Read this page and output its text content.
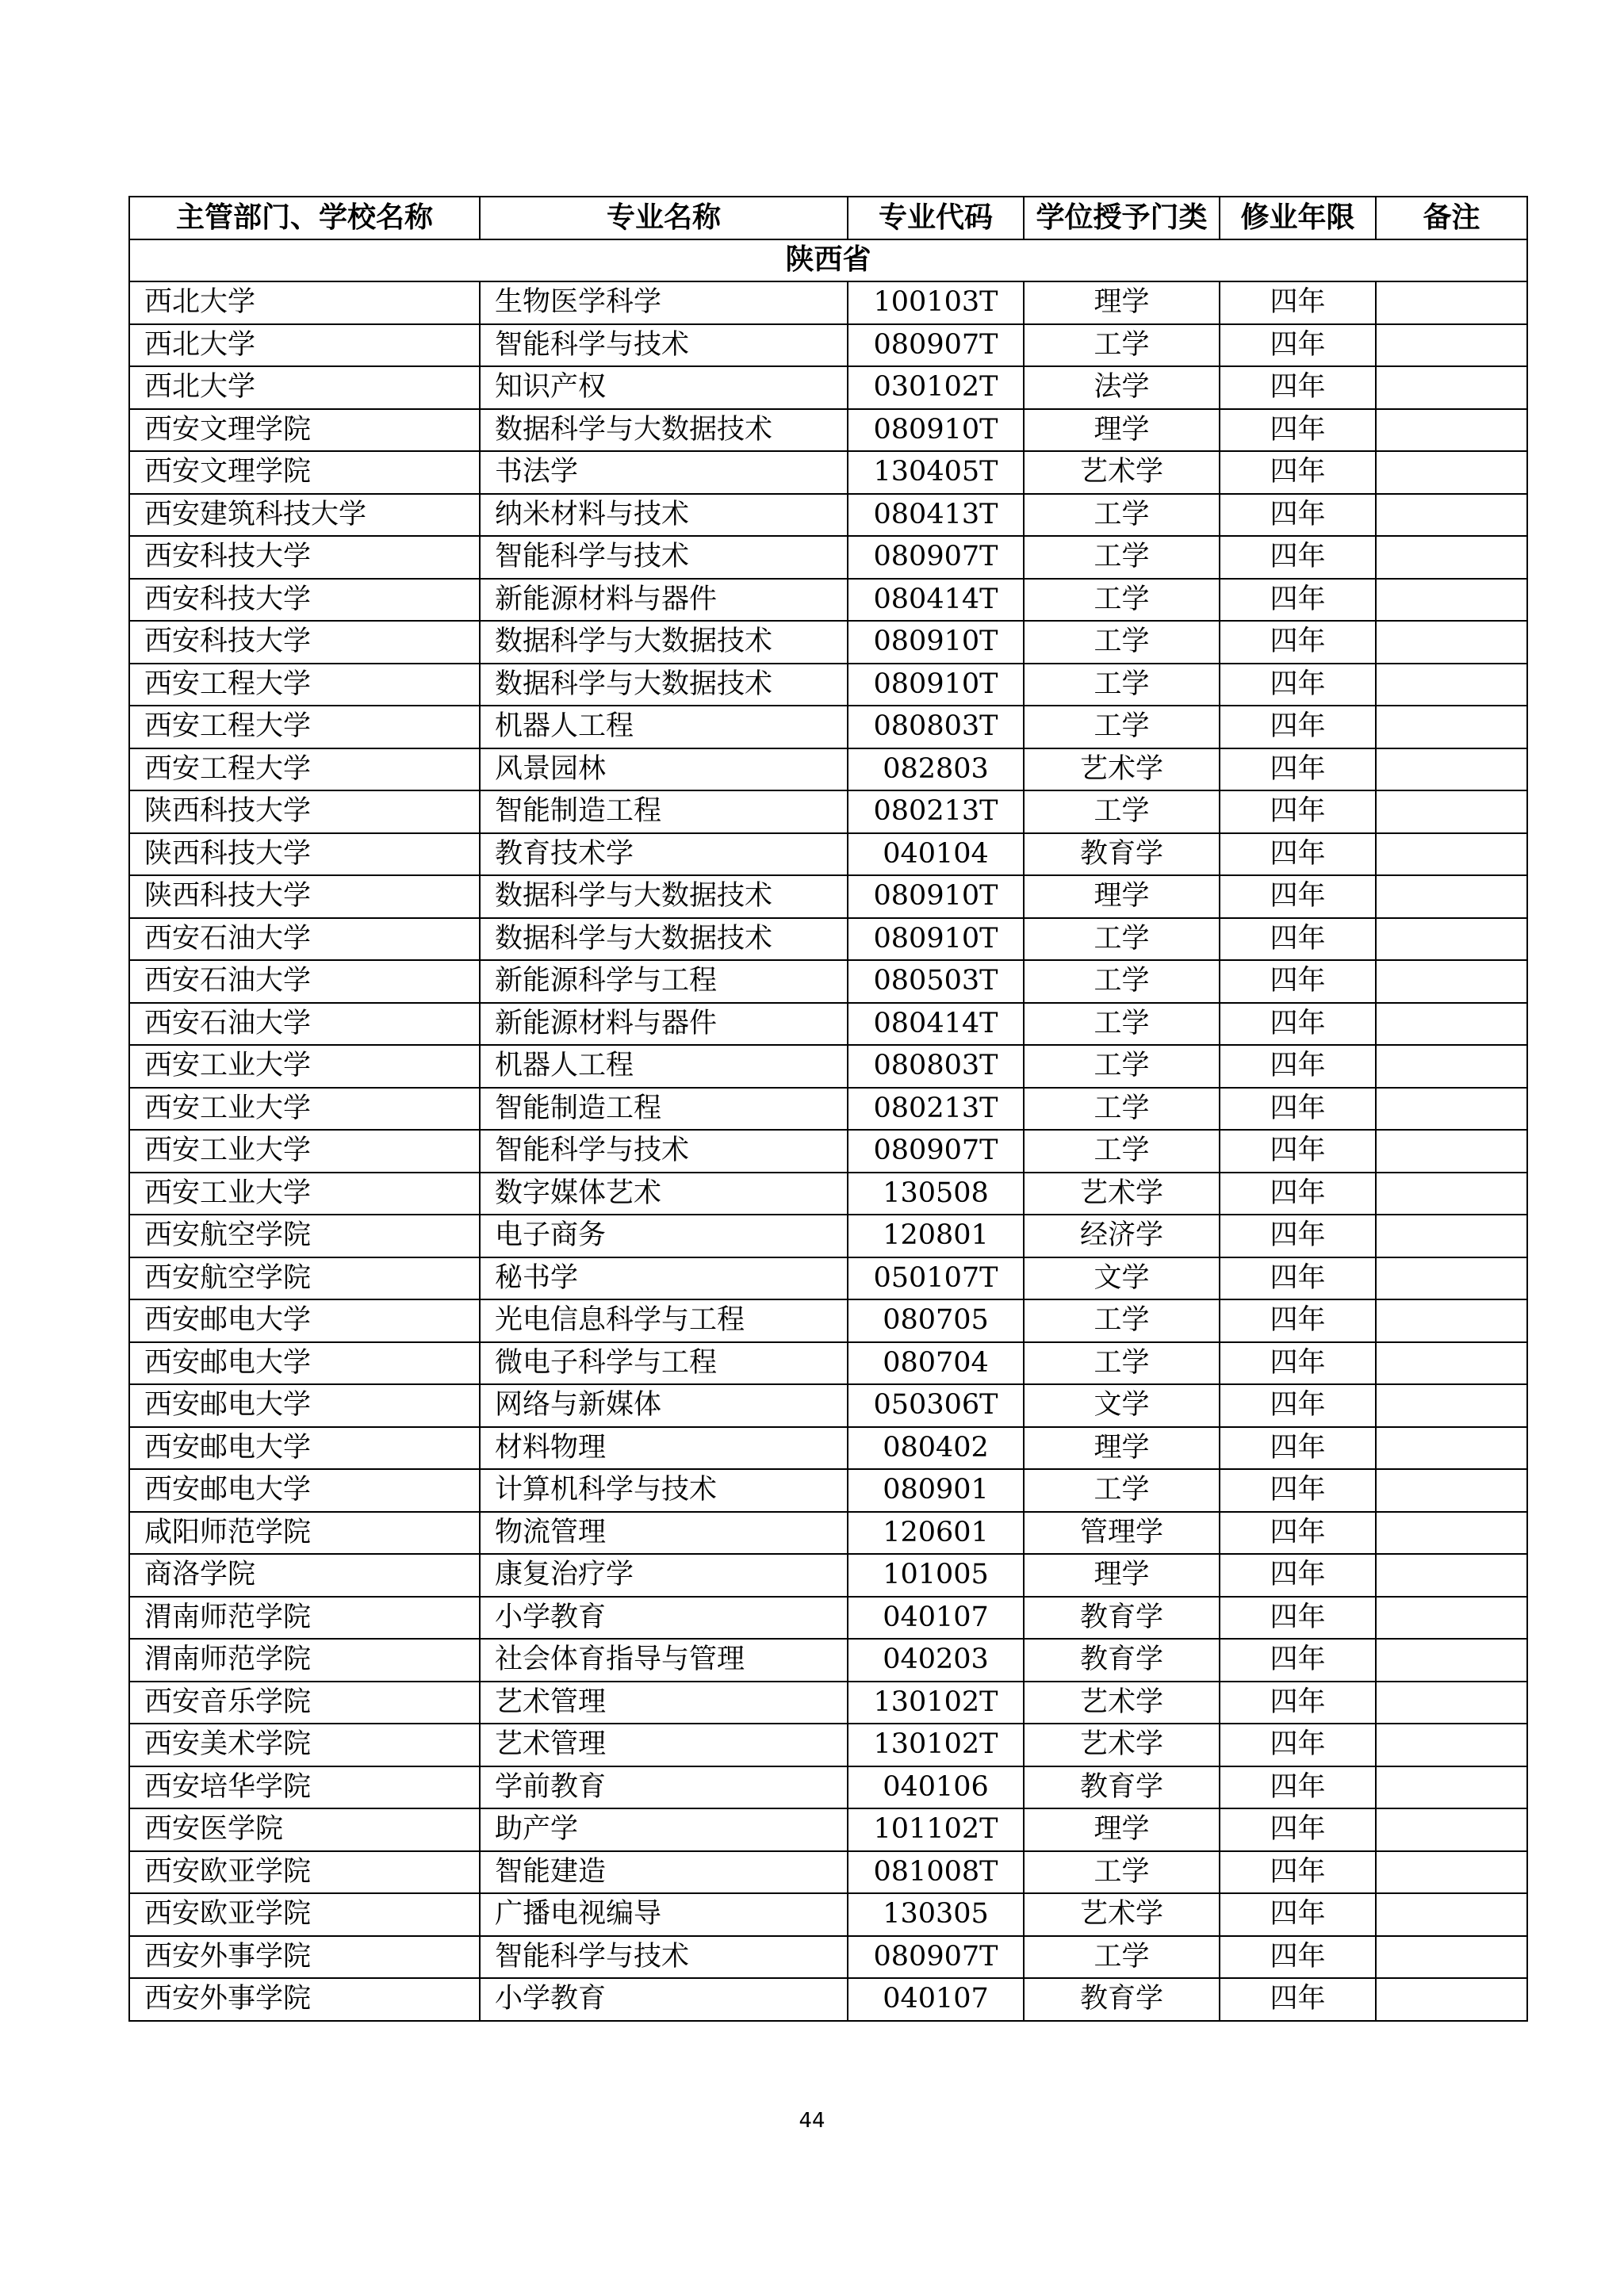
主管部门、学校名称	专业名称	专业代码	学位授予门类	修业年限	备注
陕西省					
西北大学	生物医学科学	100103T	理学	四年	
西北大学	智能科学与技术	080907T	工学	四年	
西北大学	知识产权	030102T	法学	四年	
西安文理学院	数据科学与大数据技术	080910T	理学	四年	
西安文理学院	书法学	130405T	艺术学	四年	
西安建筑科技大学	纳米材料与技术	080413T	工学	四年	
西安科技大学	智能科学与技术	080907T	工学	四年	
西安科技大学	新能源材料与器件	080414T	工学	四年	
西安科技大学	数据科学与大数据技术	080910T	工学	四年	
西安工程大学	数据科学与大数据技术	080910T	工学	四年	
西安工程大学	机器人工程	080803T	工学	四年	
西安工程大学	风景园林	082803	艺术学	四年	
陕西科技大学	智能制造工程	080213T	工学	四年	
陕西科技大学	教育技术学	040104	教育学	四年	
陕西科技大学	数据科学与大数据技术	080910T	理学	四年	
西安石油大学	数据科学与大数据技术	080910T	工学	四年	
西安石油大学	新能源科学与工程	080503T	工学	四年	
西安石油大学	新能源材料与器件	080414T	工学	四年	
西安工业大学	机器人工程	080803T	工学	四年	
西安工业大学	智能制造工程	080213T	工学	四年	
西安工业大学	智能科学与技术	080907T	工学	四年	
西安工业大学	数字媒体艺术	130508	艺术学	四年	
西安航空学院	电子商务	120801	经济学	四年	
西安航空学院	秘书学	050107T	文学	四年	
西安邮电大学	光电信息科学与工程	080705	工学	四年	
西安邮电大学	微电子科学与工程	080704	工学	四年	
西安邮电大学	网络与新媒体	050306T	文学	四年	
西安邮电大学	材料物理	080402	理学	四年	
西安邮电大学	计算机科学与技术	080901	工学	四年	
咸阳师范学院	物流管理	120601	管理学	四年	
商洛学院	康复治疗学	101005	理学	四年	
渭南师范学院	小学教育	040107	教育学	四年	
渭南师范学院	社会体育指导与管理	040203	教育学	四年	
西安音乐学院	艺术管理	130102T	艺术学	四年	
西安美术学院	艺术管理	130102T	艺术学	四年	
西安培华学院	学前教育	040106	教育学	四年	
西安医学院	助产学	101102T	理学	四年	
西安欧亚学院	智能建造	081008T	工学	四年	
西安欧亚学院	广播电视编导	130305	艺术学	四年	
西安外事学院	智能科学与技术	080907T	工学	四年	
西安外事学院	小学教育	040107	教育学	四年	
44
